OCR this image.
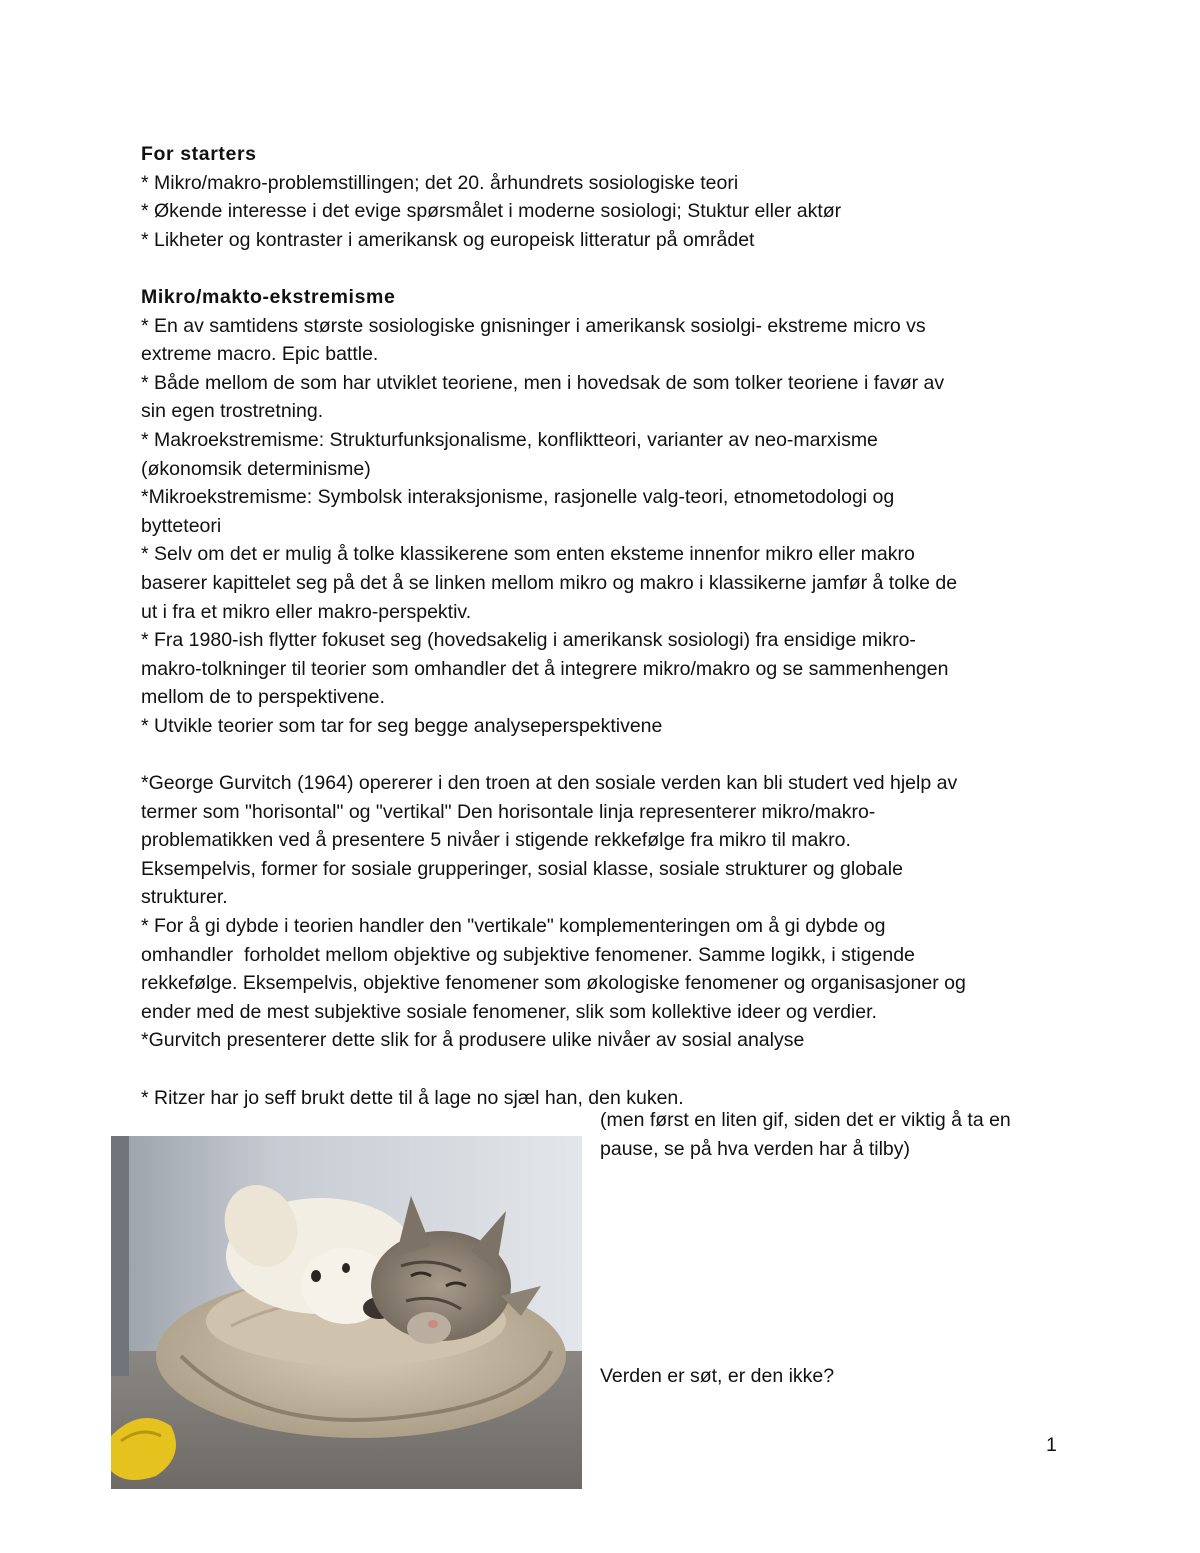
For starters
* Mikro/makro-problemstillingen; det 20. århundrets sosiologiske teori
* Økende interesse i det evige spørsmålet i moderne sosiologi; Stuktur eller aktør
* Likheter og kontraster i amerikansk og europeisk litteratur på området
Mikro/makto-ekstremisme
* En av samtidens største sosiologiske gnisninger i amerikansk sosiolgi- ekstreme micro vs
extreme macro. Epic battle.
* Både mellom de som har utviklet teoriene, men i hovedsak de som tolker teoriene i favør av
sin egen trostretning.
* Makroekstremisme: Strukturfunksjonalisme, konfliktteori, varianter av neo-marxisme
(økonomsik determinisme)
*Mikroekstremisme: Symbolsk interaksjonisme, rasjonelle valg-teori, etnometodologi og
bytteteori
* Selv om det er mulig å tolke klassikerene som enten eksteme innenfor mikro eller makro
baserer kapittelet seg på det å se linken mellom mikro og makro i klassikerne jamfør å tolke de
ut i fra et mikro eller makro-perspektiv.
* Fra 1980-ish flytter fokuset seg (hovedsakelig i amerikansk sosiologi) fra ensidige mikro-
makro-tolkninger til teorier som omhandler det å integrere mikro/makro og se sammenhengen
mellom de to perspektivene.
* Utvikle teorier som tar for seg begge analyseperspektivene
*George Gurvitch (1964) opererer i den troen at den sosiale verden kan bli studert ved hjelp av
termer som "horisontal" og "vertikal" Den horisontale linja representerer mikro/makro-
problematikken ved å presentere 5 nivåer i stigende rekkefølge fra mikro til makro.
Eksempelvis, former for sosiale grupperinger, sosial klasse, sosiale strukturer og globale
strukturer.
* For å gi dybde i teorien handler den "vertikale" komplementeringen om å gi dybde og
omhandler  forholdet mellom objektive og subjektive fenomener. Samme logikk, i stigende
rekkefølge. Eksempelvis, objektive fenomener som økologiske fenomener og organisasjoner og
ender med de mest subjektive sosiale fenomener, slik som kollektive ideer og verdier.
*Gurvitch presenterer dette slik for å produsere ulike nivåer av sosial analyse
* Ritzer har jo seff brukt dette til å lage no sjæl han, den kuken.
(men først en liten gif, siden det er viktig å ta en
pause, se på hva verden har å tilby)
Verden er søt, er den ikke?
1
